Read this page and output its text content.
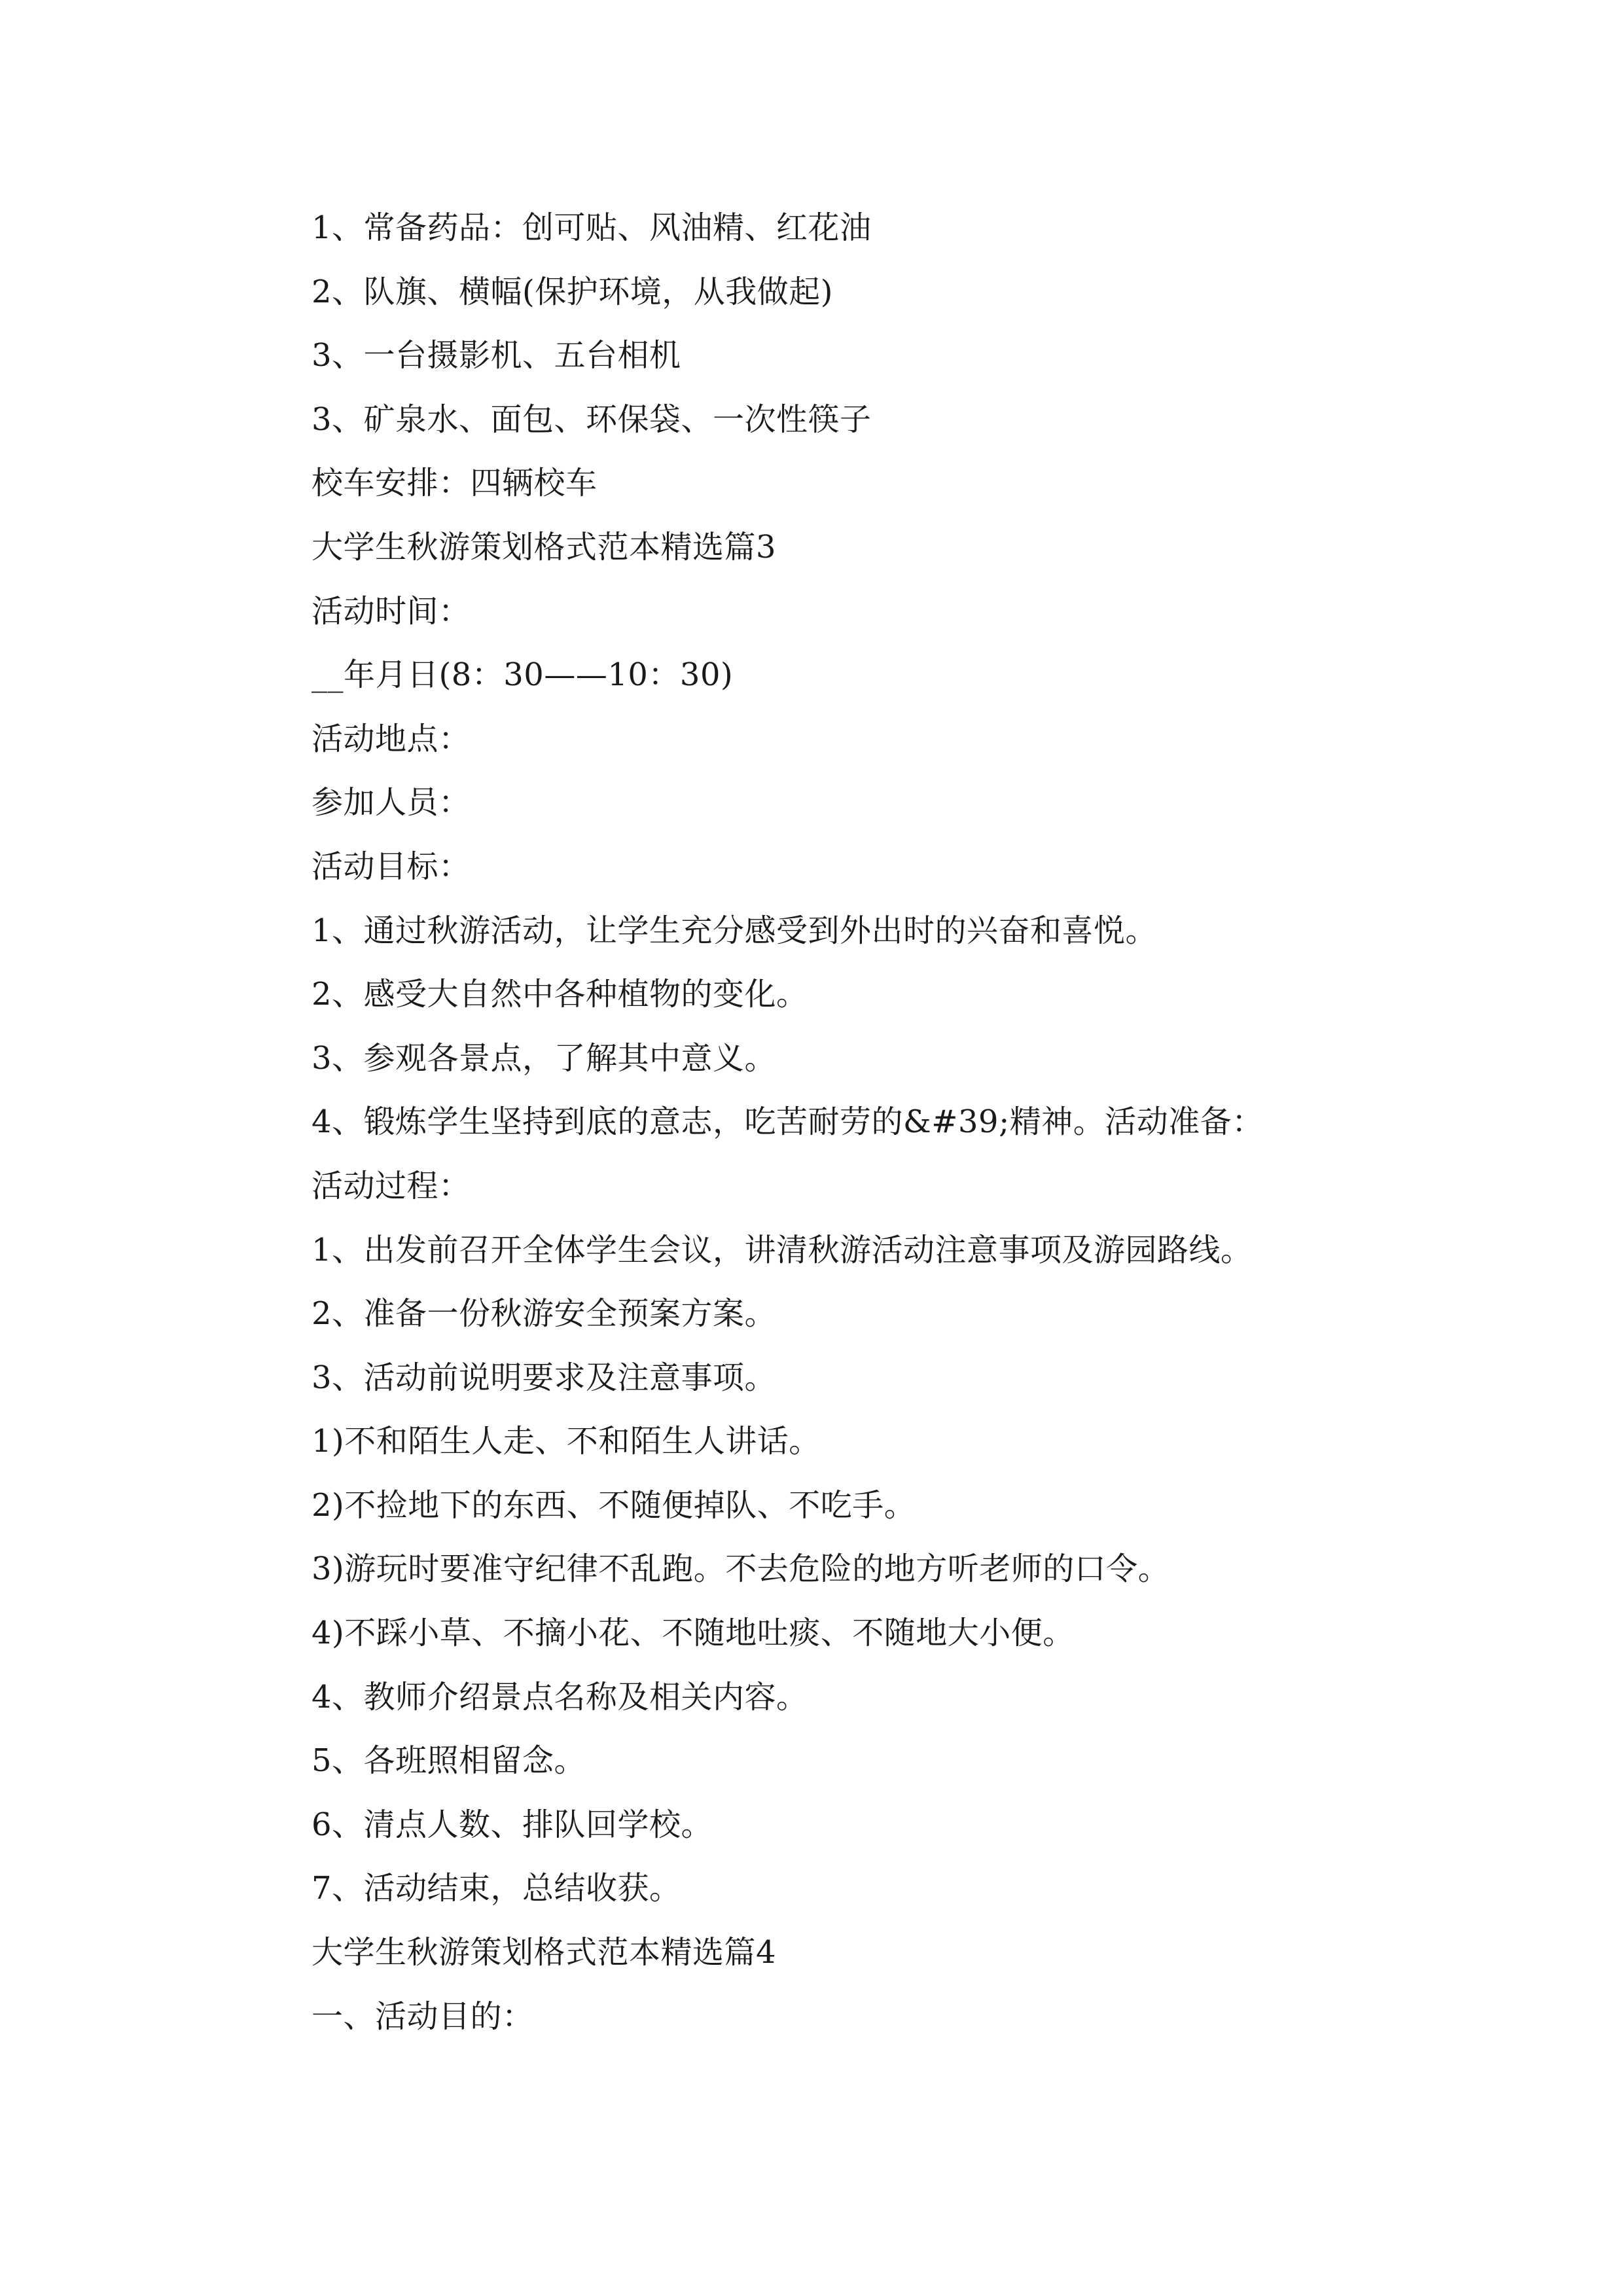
1、常备药品：创可贴、风油精、红花油
2、队旗、横幅(保护环境，从我做起)
3、一台摄影机、五台相机
3、矿泉水、面包、环保袋、一次性筷子
校车安排：四辆校车
大学生秋游策划格式范本精选篇3
活动时间：
__年月日(8：30——10：30)
活动地点：
参加人员：
活动目标：
1、通过秋游活动，让学生充分感受到外出时的兴奋和喜悦。
2、感受大自然中各种植物的变化。
3、参观各景点，了解其中意义。
4、锻炼学生坚持到底的意志，吃苦耐劳的&#39;精神。活动准备：
活动过程：
1、出发前召开全体学生会议，讲清秋游活动注意事项及游园路线。
2、准备一份秋游安全预案方案。
3、活动前说明要求及注意事项。
1)不和陌生人走、不和陌生人讲话。
2)不捡地下的东西、不随便掉队、不吃手。
3)游玩时要准守纪律不乱跑。不去危险的地方听老师的口令。
4)不踩小草、不摘小花、不随地吐痰、不随地大小便。
4、教师介绍景点名称及相关内容。
5、各班照相留念。
6、清点人数、排队回学校。
7、活动结束，总结收获。
大学生秋游策划格式范本精选篇4
一、活动目的：
